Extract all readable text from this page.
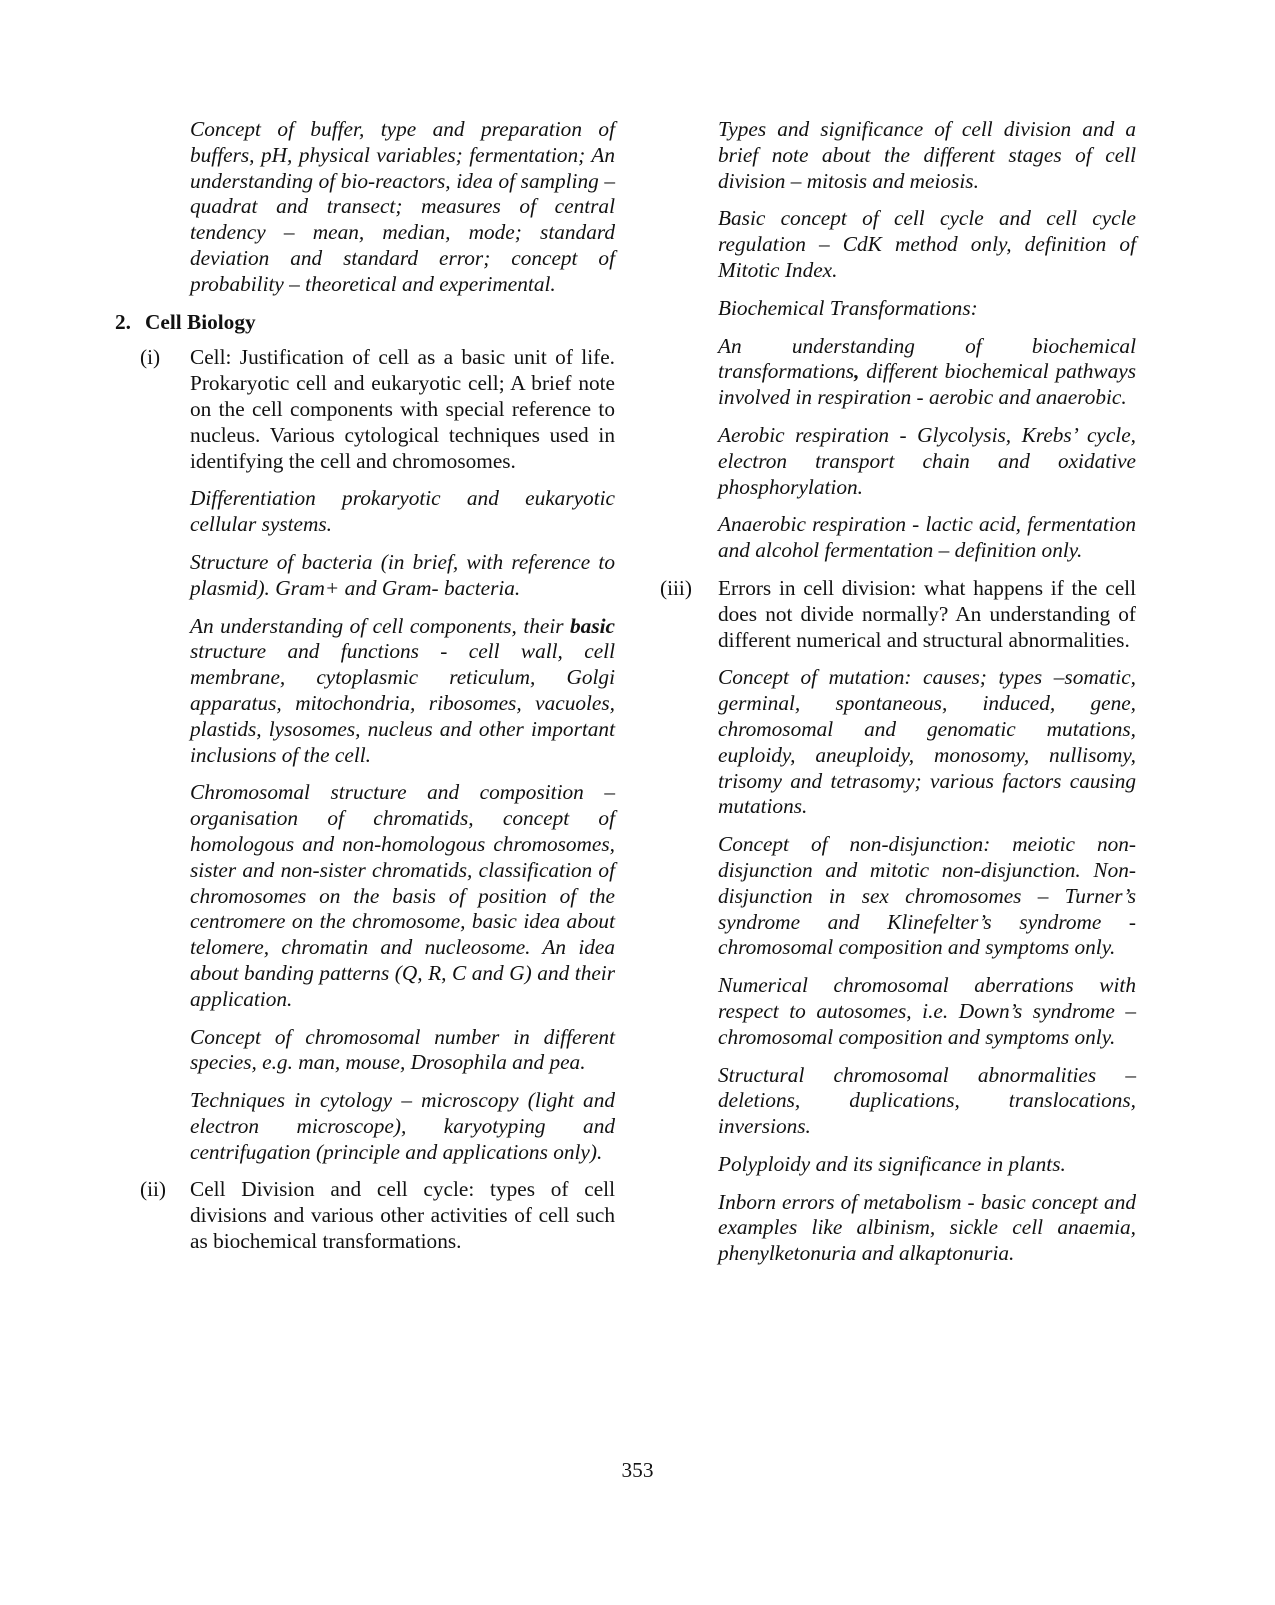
Concept of buffer, type and preparation of buffers, pH, physical variables; fermentation; An understanding of bio-reactors, idea of sampling – quadrat and transect; measures of central tendency – mean, median, mode; standard deviation and standard error; concept of probability – theoretical and experimental.

2. Cell Biology

(i) Cell: Justification of cell as a basic unit of life. Prokaryotic cell and eukaryotic cell; A brief note on the cell components with special reference to nucleus. Various cytological techniques used in identifying the cell and chromosomes.

Differentiation prokaryotic and eukaryotic cellular systems.

Structure of bacteria (in brief, with reference to plasmid). Gram+ and Gram- bacteria.

An understanding of cell components, their basic structure and functions - cell wall, cell membrane, cytoplasmic reticulum, Golgi apparatus, mitochondria, ribosomes, vacuoles, plastids, lysosomes, nucleus and other important inclusions of the cell.

Chromosomal structure and composition – organisation of chromatids, concept of homologous and non-homologous chromosomes, sister and non-sister chromatids, classification of chromosomes on the basis of position of the centromere on the chromosome, basic idea about telomere, chromatin and nucleosome. An idea about banding patterns (Q, R, C and G) and their application.

Concept of chromosomal number in different species, e.g. man, mouse, Drosophila and pea.

Techniques in cytology – microscopy (light and electron microscope), karyotyping and centrifugation (principle and applications only).

(ii) Cell Division and cell cycle: types of cell divisions and various other activities of cell such as biochemical transformations.

Types and significance of cell division and a brief note about the different stages of cell division – mitosis and meiosis.

Basic concept of cell cycle and cell cycle regulation – CdK method only, definition of Mitotic Index.

Biochemical Transformations:

An understanding of biochemical transformations, different biochemical pathways involved in respiration - aerobic and anaerobic.

Aerobic respiration - Glycolysis, Krebs’ cycle, electron transport chain and oxidative phosphorylation.

Anaerobic respiration - lactic acid, fermentation and alcohol fermentation – definition only.

(iii) Errors in cell division: what happens if the cell does not divide normally? An understanding of different numerical and structural abnormalities.

Concept of mutation: causes; types –somatic, germinal, spontaneous, induced, gene, chromosomal and genomatic mutations, euploidy, aneuploidy, monosomy, nullisomy, trisomy and tetrasomy; various factors causing mutations.

Concept of non-disjunction: meiotic non-disjunction and mitotic non-disjunction. Non-disjunction in sex chromosomes – Turner’s syndrome and Klinefelter’s syndrome - chromosomal composition and symptoms only.

Numerical chromosomal aberrations with respect to autosomes, i.e. Down’s syndrome –chromosomal composition and symptoms only.

Structural chromosomal abnormalities – deletions, duplications, translocations, inversions.

Polyploidy and its significance in plants.

Inborn errors of metabolism - basic concept and examples like albinism, sickle cell anaemia, phenylketonuria and alkaptonuria.

353
